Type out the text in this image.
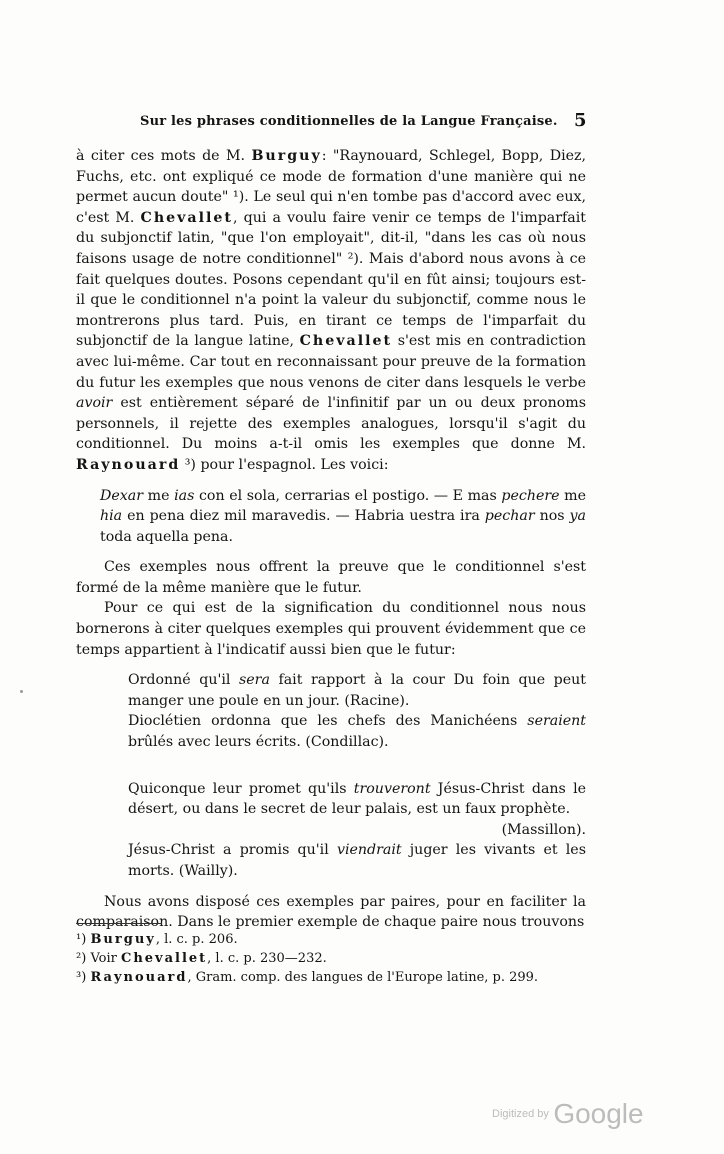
Sur les phrases conditionnelles de la Langue Française. 5

à citer ces mots de M. Burguy: "Raynouard, Schlegel, Bopp, Diez, Fuchs, etc. ont expliqué ce mode de formation d'une manière qui ne permet aucun doute" ¹). Le seul qui n'en tombe pas d'accord avec eux, c'est M. Chevallet, qui a voulu faire venir ce temps de l'imparfait du subjonctif latin, "que l'on employait", dit-il, "dans les cas où nous faisons usage de notre conditionnel" ²). Mais d'abord nous avons à ce fait quelques doutes. Posons cependant qu'il en fût ainsi; toujours est-il que le conditionnel n'a point la valeur du subjonctif, comme nous le montrerons plus tard. Puis, en tirant ce temps de l'imparfait du subjonctif de la langue latine, Chevallet s'est mis en contradiction avec lui-même. Car tout en reconnaissant pour preuve de la formation du futur les exemples que nous venons de citer dans lesquels le verbe avoir est entièrement séparé de l'infinitif par un ou deux pronoms personnels, il rejette des exemples analogues, lorsqu'il s'agit du conditionnel. Du moins a-t-il omis les exemples que donne M. Raynouard ³) pour l'espagnol. Les voici:

Dexar me ias con el sola, cerrarias el postigo. — E mas pechere me hia en pena diez mil maravedis. — Habria uestra ira pechar nos ya toda aquella pena.

Ces exemples nous offrent la preuve que le conditionnel s'est formé de la même manière que le futur.

Pour ce qui est de la signification du conditionnel nous nous bornerons à citer quelques exemples qui prouvent évidemment que ce temps appartient à l'indicatif aussi bien que le futur:

Ordonné qu'il sera fait rapport à la cour Du foin que peut manger une poule en un jour. (Racine).

Dioclétien ordonna que les chefs des Manichéens seraient brûlés avec leurs écrits. (Condillac).

Quiconque leur promet qu'ils trouveront Jésus-Christ dans le désert, ou dans le secret de leur palais, est un faux prophète.

(Massillon).

Jésus-Christ a promis qu'il viendrait juger les vivants et les morts. (Wailly).

Nous avons disposé ces exemples par paires, pour en faciliter la comparaison. Dans le premier exemple de chaque paire nous trouvons

¹) Burguy, l. c. p. 206.

²) Voir Chevallet, l. c. p. 230—232.

³) Raynouard, Gram. comp. des langues de l'Europe latine, p. 299.

Digitized by Google
